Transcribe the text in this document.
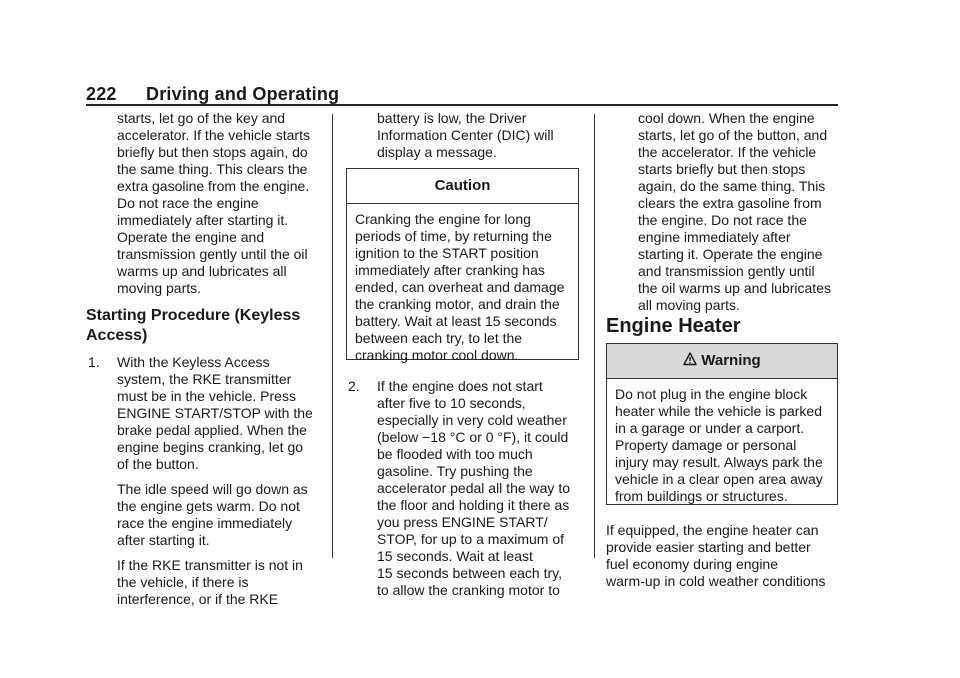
222 Driving and Operating

starts, let go of the key and

accelerator. If the vehicle starts

briefly but then stops again, do

the same thing. This clears the

extra gasoline from the engine.

Do not race the engine

immediately after starting it.

Operate the engine and

transmission gently until the oil

warms up and lubricates all

moving parts.

Starting Procedure (Keyless

Access)

1. With the Keyless Access

system, the RKE transmitter

must be in the vehicle. Press

ENGINE START/STOP with the

brake pedal applied. When the

engine begins cranking, let go

of the button.

The idle speed will go down as

the engine gets warm. Do not

race the engine immediately

after starting it.

If the RKE transmitter is not in

the vehicle, if there is

interference, or if the RKE

battery is low, the Driver

Information Center (DIC) will

display a message.

Caution

Cranking the engine for long

periods of time, by returning the

ignition to the START position

immediately after cranking has

ended, can overheat and damage

the cranking motor, and drain the

battery. Wait at least 15 seconds

between each try, to let the

cranking motor cool down.

2. If the engine does not start

after five to 10 seconds,

especially in very cold weather

(below −18 °C or 0 °F), it could

be flooded with too much

gasoline. Try pushing the

accelerator pedal all the way to

the floor and holding it there as

you press ENGINE START/

STOP, for up to a maximum of

15 seconds. Wait at least

15 seconds between each try,

to allow the cranking motor to

cool down. When the engine

starts, let go of the button, and

the accelerator. If the vehicle

starts briefly but then stops

again, do the same thing. This

clears the extra gasoline from

the engine. Do not race the

engine immediately after

starting it. Operate the engine

and transmission gently until

the oil warms up and lubricates

all moving parts.

Engine Heater
Warning

Do not plug in the engine block

heater while the vehicle is parked

in a garage or under a carport.

Property damage or personal

injury may result. Always park the

vehicle in a clear open area away

from buildings or structures.

If equipped, the engine heater can

provide easier starting and better

fuel economy during engine

warm-up in cold weather conditions
